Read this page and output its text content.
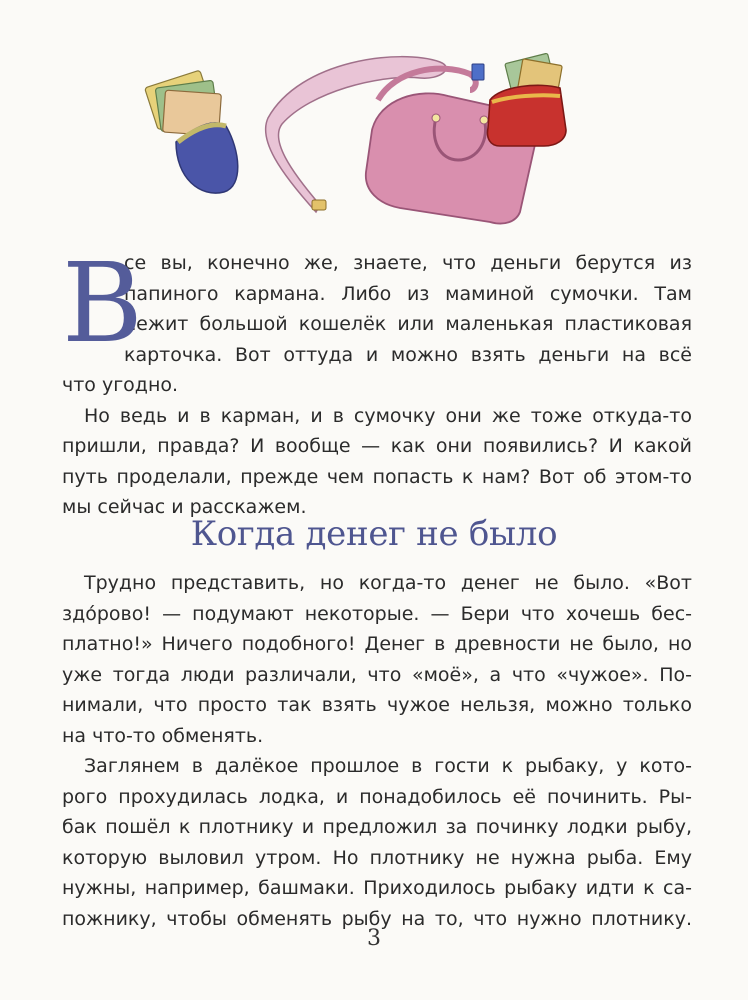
В
се вы, конечно же, знаете, что деньги берутся из
папиного кармана. Либо из маминой сумочки. Там
лежит большой кошелёк или маленькая пластиковая
карточка. Вот оттуда и можно взять деньги на всё
что угодно.
Но ведь и в карман, и в сумочку они же тоже откуда-то
пришли, правда? И вообще — как они появились? И какой
путь проделали, прежде чем попасть к нам? Вот об этом-то
мы сейчас и расскажем.
Когда денег не было
Трудно представить, но когда-то денег не было. «Вот
здо́рово! — подумают некоторые. — Бери что хочешь бес-
платно!» Ничего подобного! Денег в древности не было, но
уже тогда люди различали, что «моё», а что «чужое». По-
нимали, что просто так взять чужое нельзя, можно только
на что-то обменять.
Заглянем в далёкое прошлое в гости к рыбаку, у кото-
рого прохудилась лодка, и понадобилось её починить. Ры-
бак пошёл к плотнику и предложил за починку лодки рыбу,
которую выловил утром. Но плотнику не нужна рыба. Ему
нужны, например, башмаки. Приходилось рыбаку идти к са-
пожнику, чтобы обменять рыбу на то, что нужно плотнику.
3
